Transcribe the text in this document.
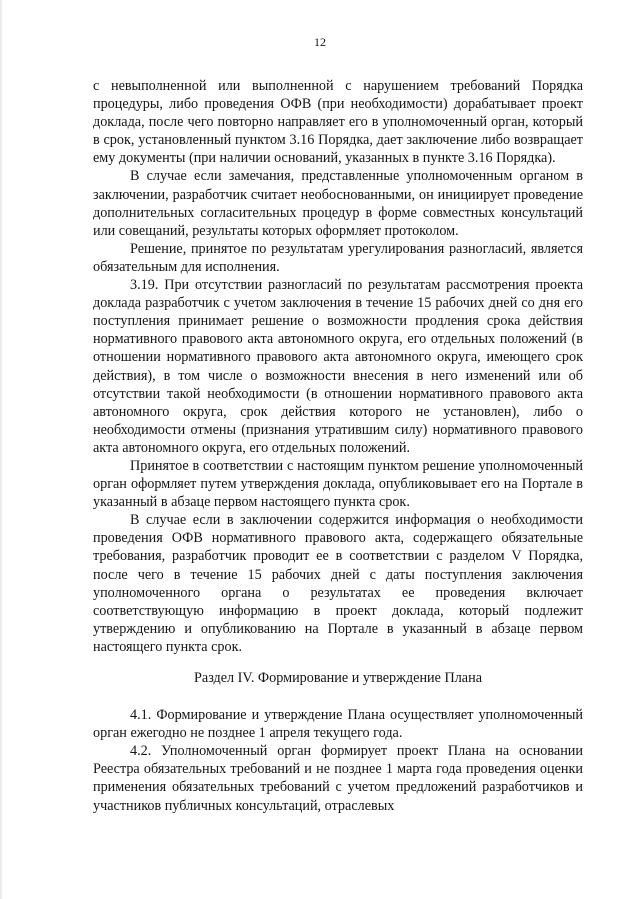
12

с невыполненной или выполненной с нарушением требований Порядка процедуры, либо проведения ОФВ (при необходимости) дорабатывает проект доклада, после чего повторно направляет его в уполномоченный орган, который в срок, установленный пунктом 3.16 Порядка, дает заключение либо возвращает ему документы (при наличии оснований, указанных в пункте 3.16 Порядка).

В случае если замечания, представленные уполномоченным органом в заключении, разработчик считает необоснованными, он инициирует проведение дополнительных согласительных процедур в форме совместных консультаций или совещаний, результаты которых оформляет протоколом.

Решение, принятое по результатам урегулирования разногласий, является обязательным для исполнения.

3.19. При отсутствии разногласий по результатам рассмотрения проекта доклада разработчик с учетом заключения в течение 15 рабочих дней со дня его поступления принимает решение о возможности продления срока действия нормативного правового акта автономного округа, его отдельных положений (в отношении нормативного правового акта автономного округа, имеющего срок действия), в том числе о возможности внесения в него изменений или об отсутствии такой необходимости (в отношении нормативного правового акта автономного округа, срок действия которого не установлен), либо о необходимости отмены (признания утратившим силу) нормативного правового акта автономного округа, его отдельных положений.

Принятое в соответствии с настоящим пунктом решение уполномоченный орган оформляет путем утверждения доклада, опубликовывает его на Портале в указанный в абзаце первом настоящего пункта срок.

В случае если в заключении содержится информация о необходимости проведения ОФВ нормативного правового акта, содержащего обязательные требования, разработчик проводит ее в соответствии с разделом V Порядка, после чего в течение 15 рабочих дней с даты поступления заключения уполномоченного органа о результатах ее проведения включает соответствующую информацию в проект доклада, который подлежит утверждению и опубликованию на Портале в указанный в абзаце первом настоящего пункта срок.

Раздел IV. Формирование и утверждение Плана

4.1. Формирование и утверждение Плана осуществляет уполномоченный орган ежегодно не позднее 1 апреля текущего года.

4.2. Уполномоченный орган формирует проект Плана на основании Реестра обязательных требований и не позднее 1 марта года проведения оценки применения обязательных требований с учетом предложений разработчиков и участников публичных консультаций, отраслевых
